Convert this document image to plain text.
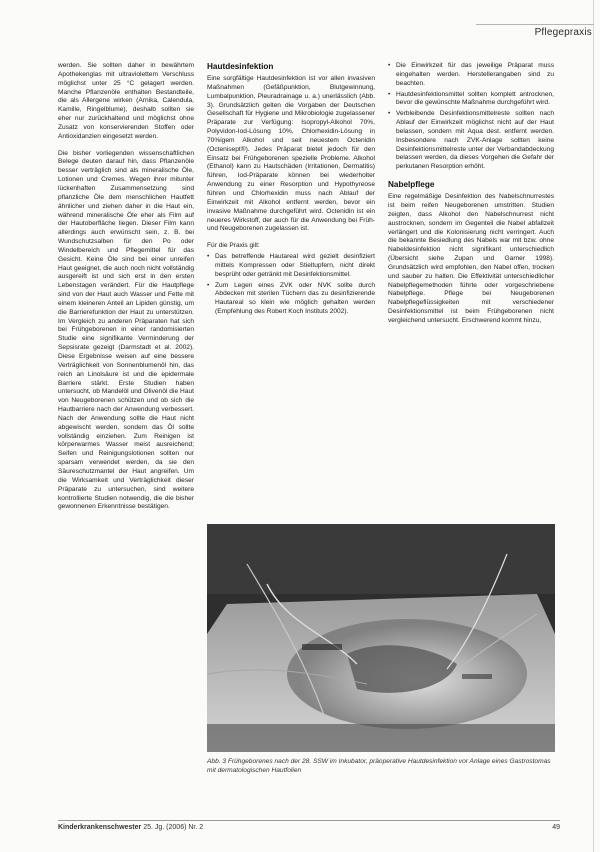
Pflegepraxis

werden. Sie sollten daher in bewährtem Apothekenglas mit ultraviolettem Verschluss möglichst unter 25 °C gelagert werden. Manche Pflanzenöle enthalten Bestandteile, die als Allergene wirken (Arnika, Calendula, Kamille, Ringelblume), deshalb sollten sie eher nur zurückhaltend und möglichst ohne Zusatz von konservierenden Stoffen oder Antioxidanzien eingesetzt werden.

Die bisher vorliegenden wissenschaftlichen Belege deuten darauf hin, dass Pflanzenöle besser verträglich sind als mineralische Öle, Lotionen und Cremes. Wegen ihrer mitunter lückenhaften Zusammensetzung sind pflanzliche Öle dem menschlichen Hautfett ähnlicher und ziehen daher in die Haut ein, während mineralische Öle eher als Film auf der Hautoberfläche liegen. Dieser Film kann allerdings auch erwünscht sein, z. B. bei Wundschutzsalben für den Po oder Windelbereich und Pflegemittel für das Gesicht. Keine Öle sind bei einer unreifen Haut geeignet, die auch noch nicht vollständig ausgereift ist und sich erst in den ersten Lebenstagen verändert. Für die Hautpflege sind von der Haut auch Wasser und Fette mit einem kleineren Anteil an Lipiden günstig, um die Barrierefunktion der Haut zu unterstützen. Im Vergleich zu anderen Präparaten hat sich bei Frühgeborenen in einer randomisierten Studie eine signifikante Verminderung der Sepsisrate gezeigt (Darmstadt et al. 2002). Diese Ergebnisse weisen auf eine bessere Verträglichkeit von Sonnenblumenöl hin, das reich an Linolsäure ist und die epidermale Barriere stärkt. Erste Studien haben untersucht, ob Mandelöl und Olivenöl die Haut von Neugeborenen schützen und ob sich die Hautbarriere nach der Anwendung verbessert. Nach der Anwendung sollte die Haut nicht abgewischt werden, sondern das Öl sollte vollständig einziehen. Zum Reinigen ist körperwarmes Wasser meist ausreichend; Seifen und Reinigungslotionen sollten nur sparsam verwendet werden, da sie den Säureschutzmantel der Haut angreifen. Um die Wirksamkeit und Verträglichkeit dieser Präparate zu untersuchen, sind weitere kontrollierte Studien notwendig, die die bisher gewonnenen Erkenntnisse bestätigen.

Hautdesinfektion

Eine sorgfältige Hautdesinfektion ist vor allen invasiven Maßnahmen (Gefäßpunktion, Blutgewinnung, Lumbalpunktion, Pleuradrainage u. a.) unerlässlich (Abb. 3). Grundsätzlich gelten die Vorgaben der Deutschen Gesellschaft für Hygiene und Mikrobiologie zugelassener Präparate zur Verfügung: Isopropyl-Alkohol 70%, Polyvidon-Iod-Lösung 10%, Chlorhexidin-Lösung in 70%igem Alkohol und seit neuestem Octenidin (Octenisept®). Jedes Präparat bietet jedoch für den Einsatz bei Frühgeborenen spezielle Probleme. Alkohol (Ethanol) kann zu Hautschäden (Irritationen, Dermatitis) führen, Iod-Präparate können bei wiederholter Anwendung zu einer Resorption und Hypothyreose führen und Chlorhexidin muss nach Ablauf der Einwirkzeit mit Alkohol entfernt werden, bevor ein invasive Maßnahme durchgeführt wird. Octenidin ist ein neueres Wirkstoff, der auch für die Anwendung bei Früh- und Neugeborenen zugelassen ist.

Für die Praxis gilt:

• Das betreffende Hautareal wird gezielt desinfiziert mittels Kompressen oder Stieltupfern, nicht direkt besprüht oder getränkt mit Desinfektionsmittel.
• Zum Legen eines ZVK oder NVK sollte durch Abdecken mit sterilen Tüchern das zu desinfizierende Hautareal so klein wie möglich gehalten werden (Empfehlung des Robert Koch Instituts 2002).
• Die Einwirkzeit für das jeweilige Präparat muss eingehalten werden. Herstellerangaben sind zu beachten.
• Hautdesinfektionsmittel sollten komplett antrocknen, bevor die gewünschte Maßnahme durchgeführt wird.
• Verbleibende Desinfektionsmittelreste sollten nach Ablauf der Einwirkzeit möglichst nicht auf der Haut belassen, sondern mit Aqua dest. entfernt werden. Insbesondere nach ZVK-Anlage sollten keine Desinfektionsmittelreste unter der Verbandabdeckung belassen werden, da dieses Vorgehen die Gefahr der perkutanen Resorption erhöht.
Nabelpflege

Eine regelmäßige Desinfektion des Nabelschnurrestes ist beim reifen Neugeborenen umstritten. Studien zeigten, dass Alkohol den Nabelschnurrest nicht austrocknen, sondern im Gegenteil die Nabel abfallzeit verlängert und die Kolonisierung nicht verringert. Auch die bekannte Besiedlung des Nabels war mit bzw. ohne Nabeldesinfektion nicht signifikant unterschiedlich (Übersicht siehe Zupan und Garner 1998). Grundsätzlich wird empfohlen, den Nabel offen, trocken und sauber zu halten. Die Effektivität unterschiedlicher Nabelpflegemethoden führte oder vorgeschriebene Nabelpflege. Pflege bei Neugeborenen Nabelpflegeflüssigkeiten mit verschiedener Desinfektionsmittel ist beim Frühgeborenen nicht vergleichend untersucht. Erschwerend kommt hinzu,

Abb. 3 Frühgeborenes nach der 28. SSW im Inkubator, präoperative Hautdesinfektion vor Anlage eines Gastrostomas mit dermatologischen Hautfolien
Kinderkrankenschwester 25. Jg. (2006) Nr. 2	49
